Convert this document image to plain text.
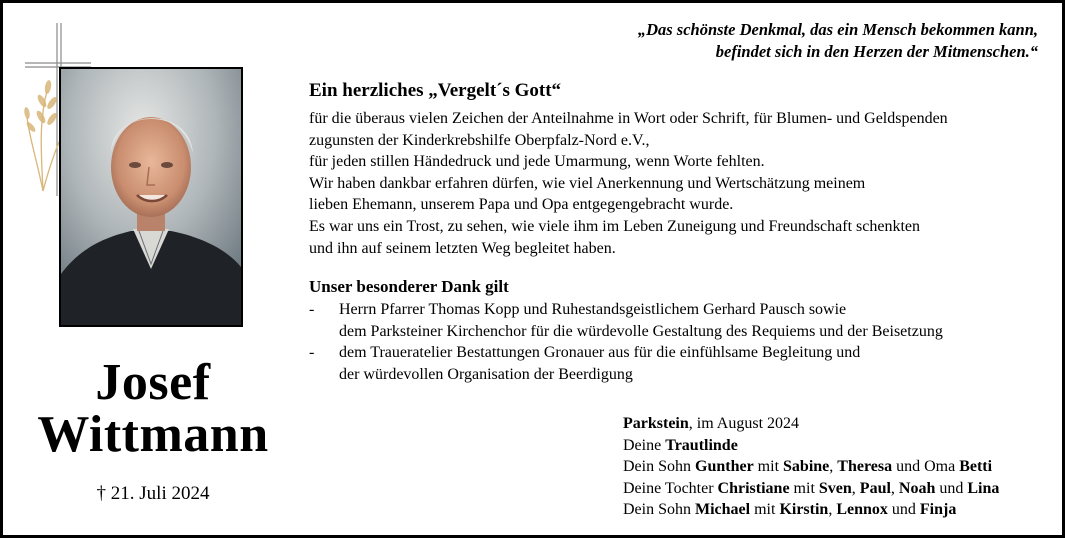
„Das schönste Denkmal, das ein Mensch bekommen kann,
befindet sich in den Herzen der Mitmenschen.“
Josef
Wittmann
† 21. Juli 2024
Ein herzliches „Vergelt´s Gott“
für die überaus vielen Zeichen der Anteilnahme in Wort oder Schrift, für Blumen- und Geldspenden
zugunsten der Kinderkrebshilfe Oberpfalz-Nord e.V.,
für jeden stillen Händedruck und jede Umarmung, wenn Worte fehlten.
Wir haben dankbar erfahren dürfen, wie viel Anerkennung und Wertschätzung meinem
lieben Ehemann, unserem Papa und Opa entgegengebracht wurde.
Es war uns ein Trost, zu sehen, wie viele ihm im Leben Zuneigung und Freundschaft schenkten
und ihn auf seinem letzten Weg begleitet haben.
Unser besonderer Dank gilt
- Herrn Pfarrer Thomas Kopp und Ruhestandsgeistlichem Gerhard Pausch sowie
dem Parksteiner Kirchenchor für die würdevolle Gestaltung des Requiems und der Beisetzung
- dem Traueratelier Bestattungen Gronauer aus für die einfühlsame Begleitung und
der würdevollen Organisation der Beerdigung
Parkstein, im August 2024
Deine Trautlinde
Dein Sohn Gunther mit Sabine, Theresa und Oma Betti
Deine Tochter Christiane mit Sven, Paul, Noah und Lina
Dein Sohn Michael mit Kirstin, Lennox und Finja
